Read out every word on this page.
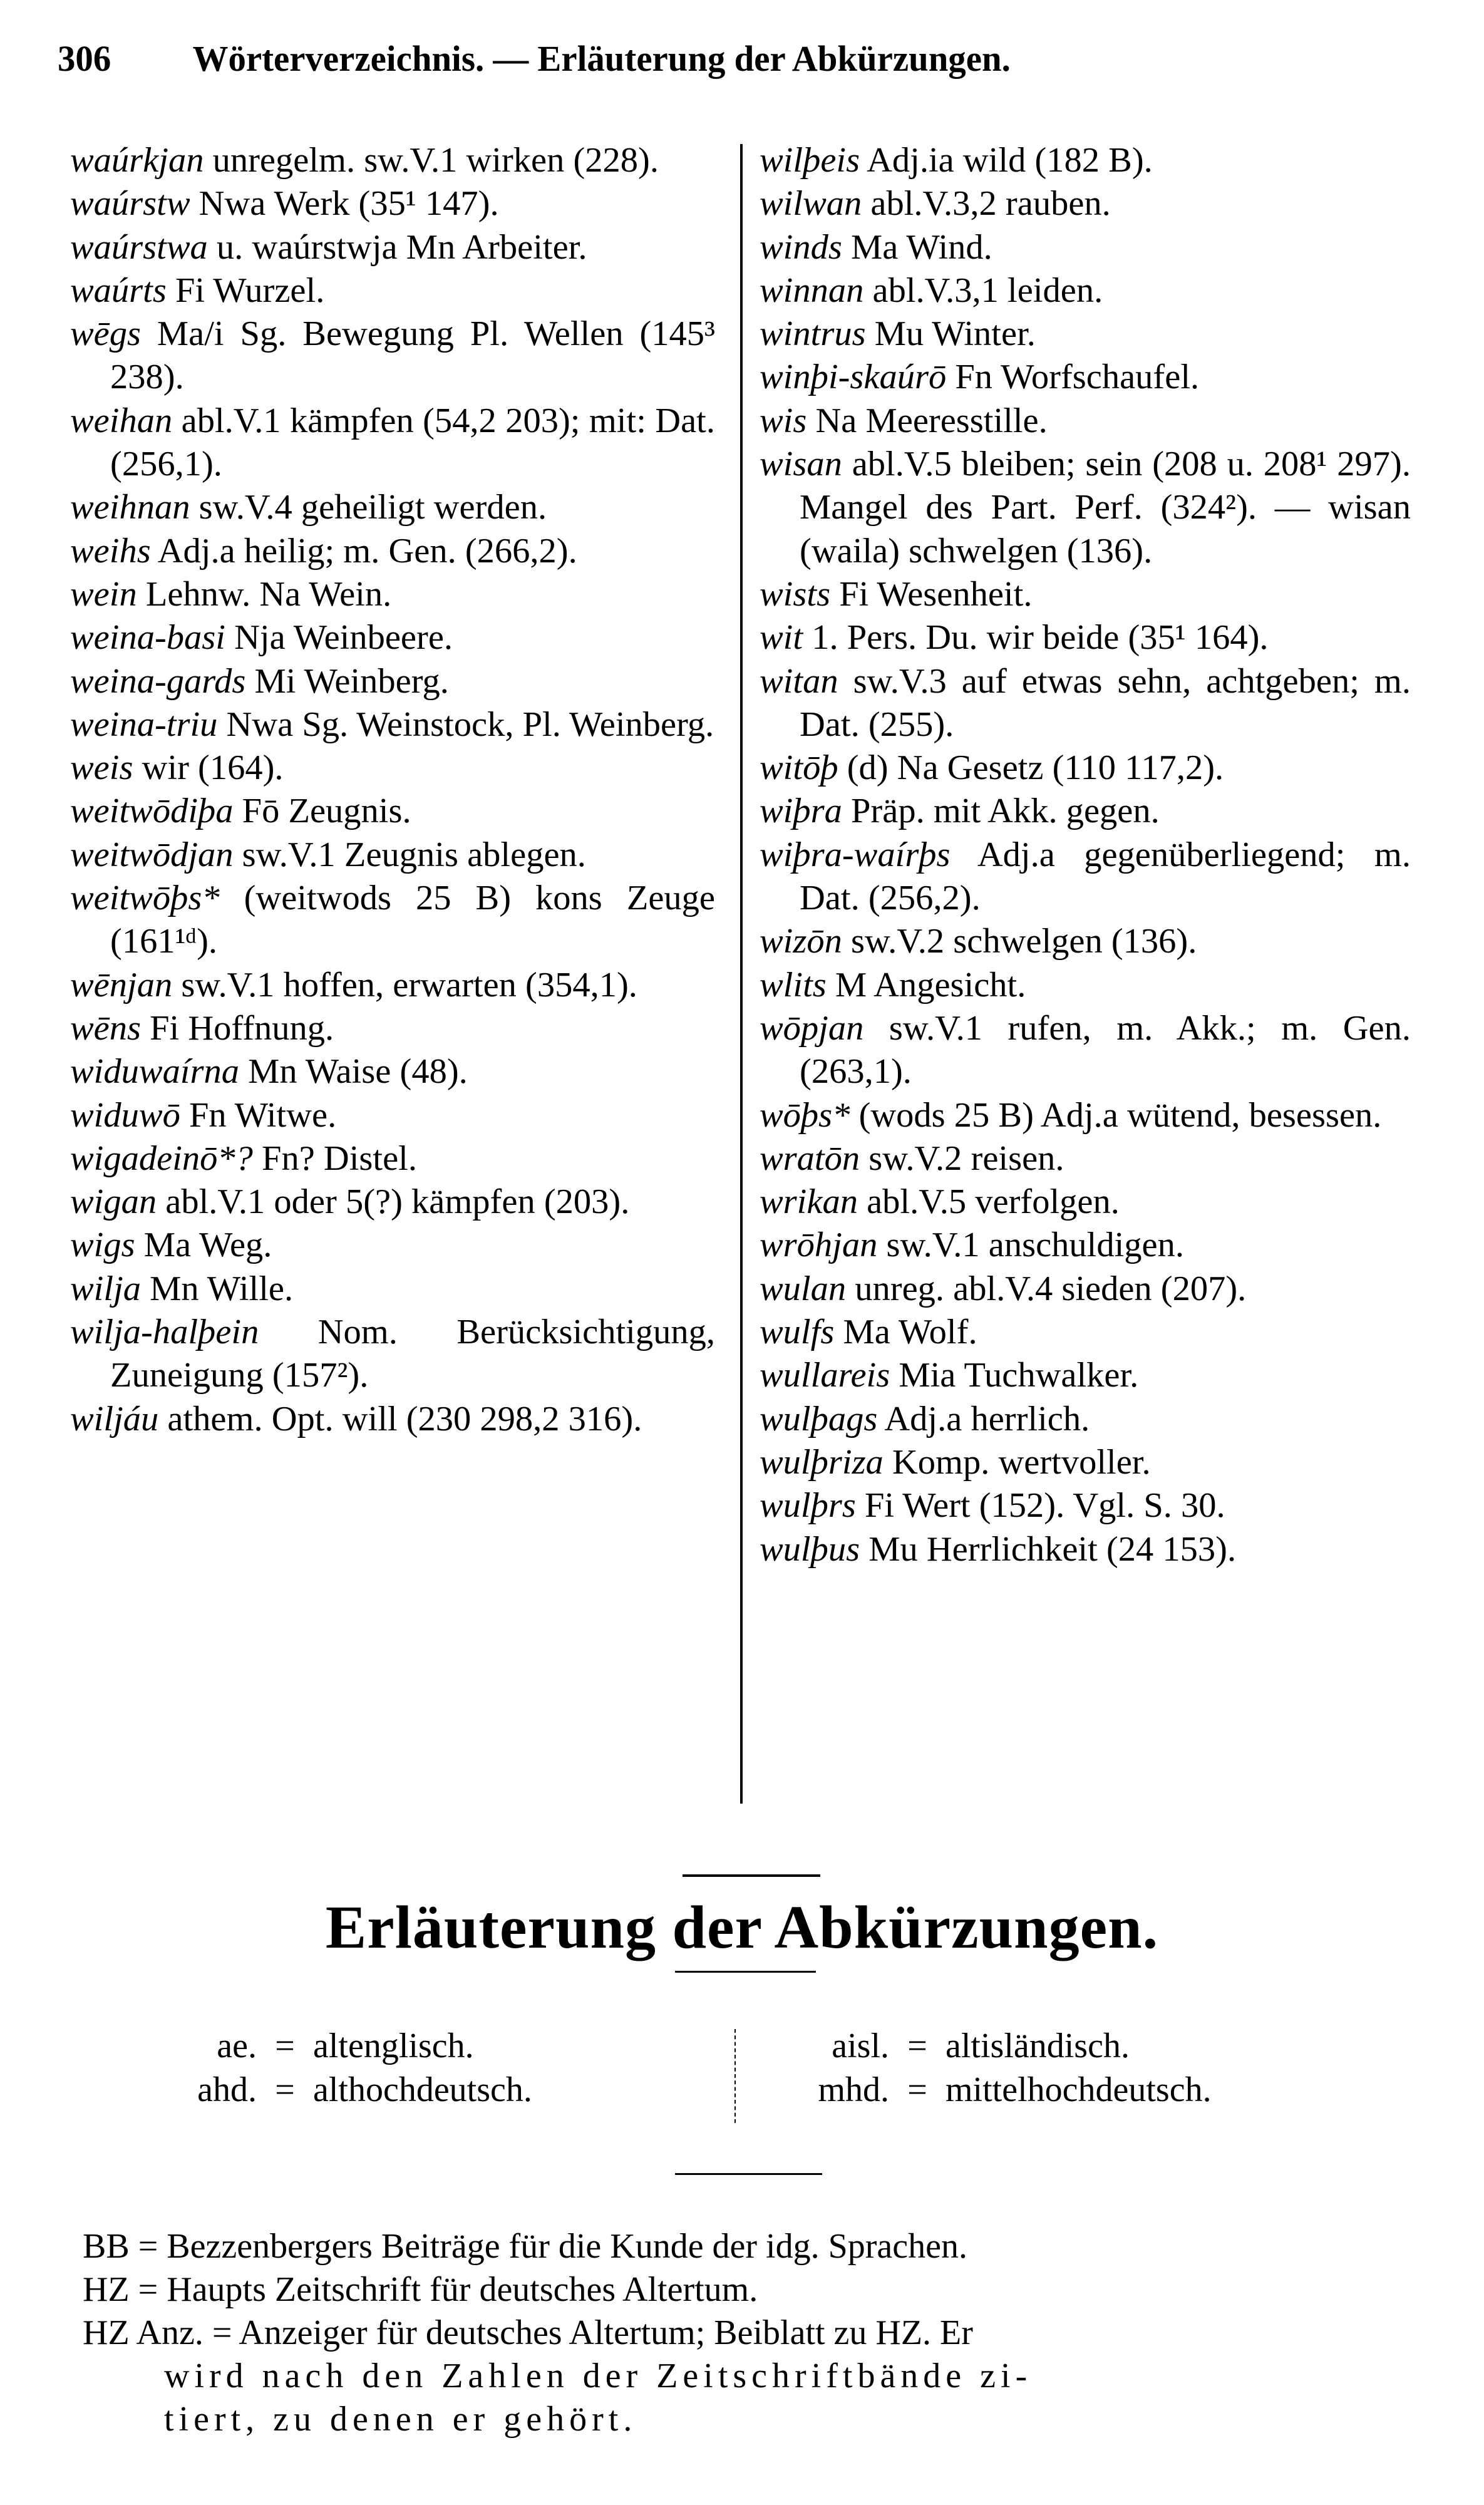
306 Wörterverzeichnis. — Erläuterung der Abkürzungen.
waúrkjan unregelm. sw.V.1 wirken (228).
waúrstw Nwa Werk (35¹ 147).
waúrstwa u. waúrstwja Mn Arbeiter.
waúrts Fi Wurzel.
wēgs Ma/i Sg. Bewegung Pl. Wellen (145³ 238).
weihan abl.V.1 kämpfen (54,2 203); mit: Dat. (256,1).
weihnan sw.V.4 geheiligt werden.
weihs Adj.a heilig; m. Gen. (266,2).
wein Lehnw. Na Wein.
weina-basi Nja Weinbeere.
weina-gards Mi Weinberg.
weina-triu Nwa Sg. Weinstock, Pl. Weinberg.
weis wir (164).
weitwōdiþa Fō Zeugnis.
weitwōdjan sw.V.1 Zeugnis ablegen.
weitwōþs* (weitwods 25 B) kons Zeuge (161¹ᵈ).
wēnjan sw.V.1 hoffen, erwarten (354,1).
wēns Fi Hoffnung.
widuwaírna Mn Waise (48).
widuwō Fn Witwe.
wigadeinō*? Fn? Distel.
wigan abl.V.1 oder 5(?) kämpfen (203).
wigs Ma Weg.
wilja Mn Wille.
wilja-halþein Nom. Berücksichtigung, Zuneigung (157²).
wiljáu athem. Opt. will (230 298,2 316).
wilþeis Adj.ia wild (182 B).
wilwan abl.V.3,2 rauben.
winds Ma Wind.
winnan abl.V.3,1 leiden.
wintrus Mu Winter.
winþi-skaúrō Fn Worfschaufel.
wis Na Meeresstille.
wisan abl.V.5 bleiben; sein (208 u. 208¹ 297). Mangel des Part. Perf. (324²). — wisan (waila) schwelgen (136).
wists Fi Wesenheit.
wit 1. Pers. Du. wir beide (35¹ 164).
witan sw.V.3 auf etwas sehn, achtgeben; m. Dat. (255).
witōþ (d) Na Gesetz (110 117,2).
wiþra Präp. mit Akk. gegen.
wiþra-waírþs Adj.a gegenüberliegend; m. Dat. (256,2).
wizōn sw.V.2 schwelgen (136).
wlits M Angesicht.
wōpjan sw.V.1 rufen, m. Akk.; m. Gen. (263,1).
wōþs* (wods 25 B) Adj.a wütend, besessen.
wratōn sw.V.2 reisen.
wrikan abl.V.5 verfolgen.
wrōhjan sw.V.1 anschuldigen.
wulan unreg. abl.V.4 sieden (207).
wulfs Ma Wolf.
wullareis Mia Tuchwalker.
wulþags Adj.a herrlich.
wulþriza Komp. wertvoller.
wulþrs Fi Wert (152). Vgl. S. 30.
wulþus Mu Herrlichkeit (24 153).
Erläuterung der Abkürzungen.
ae. = altenglisch.
ahd. = althochdeutsch.
aisl. = altisländisch.
mhd. = mittelhochdeutsch.
BB = Bezzenbergers Beiträge für die Kunde der idg. Sprachen.
HZ = Haupts Zeitschrift für deutsches Altertum.
HZ Anz. = Anzeiger für deutsches Altertum; Beiblatt zu HZ. Er
wird nach den Zahlen der Zeitschriftbände zi-
tiert, zu denen er gehört.
